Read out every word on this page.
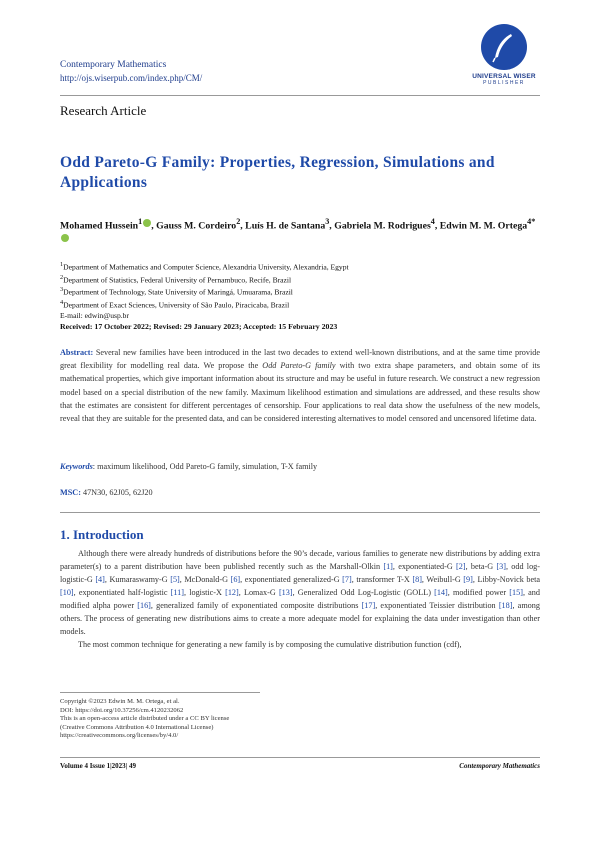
Contemporary Mathematics
http://ojs.wiserpub.com/index.php/CM/	UNIVERSAL WISER
PUBLISHER
Research Article
Odd Pareto-G Family: Properties, Regression, Simulations and Applications
Mohamed Hussein$^1$ , Gauss M. Cordeiro$^2$, Luís H. de Santana$^3$, Gabriela M. Rodrigues$^4$, Edwin M. M. Ortega$^{4*}$
$^1$Department of Mathematics and Computer Science, Alexandria University, Alexandria, Egypt
$^2$Department of Statistics, Federal University of Pernambuco, Recife, Brazil
$^3$Department of Technology, State University of Maringá, Umuarama, Brazil
$^4$Department of Exact Sciences, University of São Paulo, Piracicaba, Brazil
E-mail: edwin@usp.br
Received: 17 October 2022; Revised: 29 January 2023; Accepted: 15 February 2023
Abstract: Several new families have been introduced in the last two decades to extend well-known distributions, and at the same time provide great flexibility for modelling real data. We propose the Odd Pareto-G family with two extra shape parameters, and obtain some of its mathematical properties, which give important information about its structure and may be useful in future research. We construct a new regression model based on a special distribution of the new family. Maximum likelihood estimation and simulations are addressed, and these results show that the estimates are consistent for different percentages of censorship. Four applications to real data show the usefulness of the new models, reveal that they are suitable for the presented data, and can be considered interesting alternatives to model censored and uncensored lifetime data.
Keywords: maximum likelihood, Odd Pareto-G family, simulation, T-X family
MSC: 47N30, 62J05, 62J20
1. Introduction

Although there were already hundreds of distributions before the 90’s decade, various families to generate new distributions by adding extra parameter(s) to a parent distribution have been published recently such as the Marshall-Olkin [1], exponentiated-G [2], beta-G [3], odd log-logistic-G [4], Kumaraswamy-G [5], McDonald-G [6], exponentiated generalized-G [7], transformer T-X [8], Weibull-G [9], Libby-Novick beta [10], exponentiated half-logistic [11], logistic-X [12], Lomax-G [13], Generalized Odd Log-Logistic (GOLL) [14], modified power [15], and modified alpha power [16], generalized family of exponentiated composite distributions [17], exponentiated Teissier distribution [18], among others. The process of generating new distributions aims to create a more adequate model for explaining the data under investigation than other models.

The most common technique for generating a new family is by composing the cumulative distribution function (cdf),

Copyright ©2023 Edwin M. M. Ortega, et al.
DOI: https://doi.org/10.37256/cm.4120232062
This is an open-access article distributed under a CC BY license
(Creative Commons Attribution 4.0 International License)
https://creativecommons.org/licenses/by/4.0/
Volume 4 Issue 1|2023| 49	Contemporary Mathematics
